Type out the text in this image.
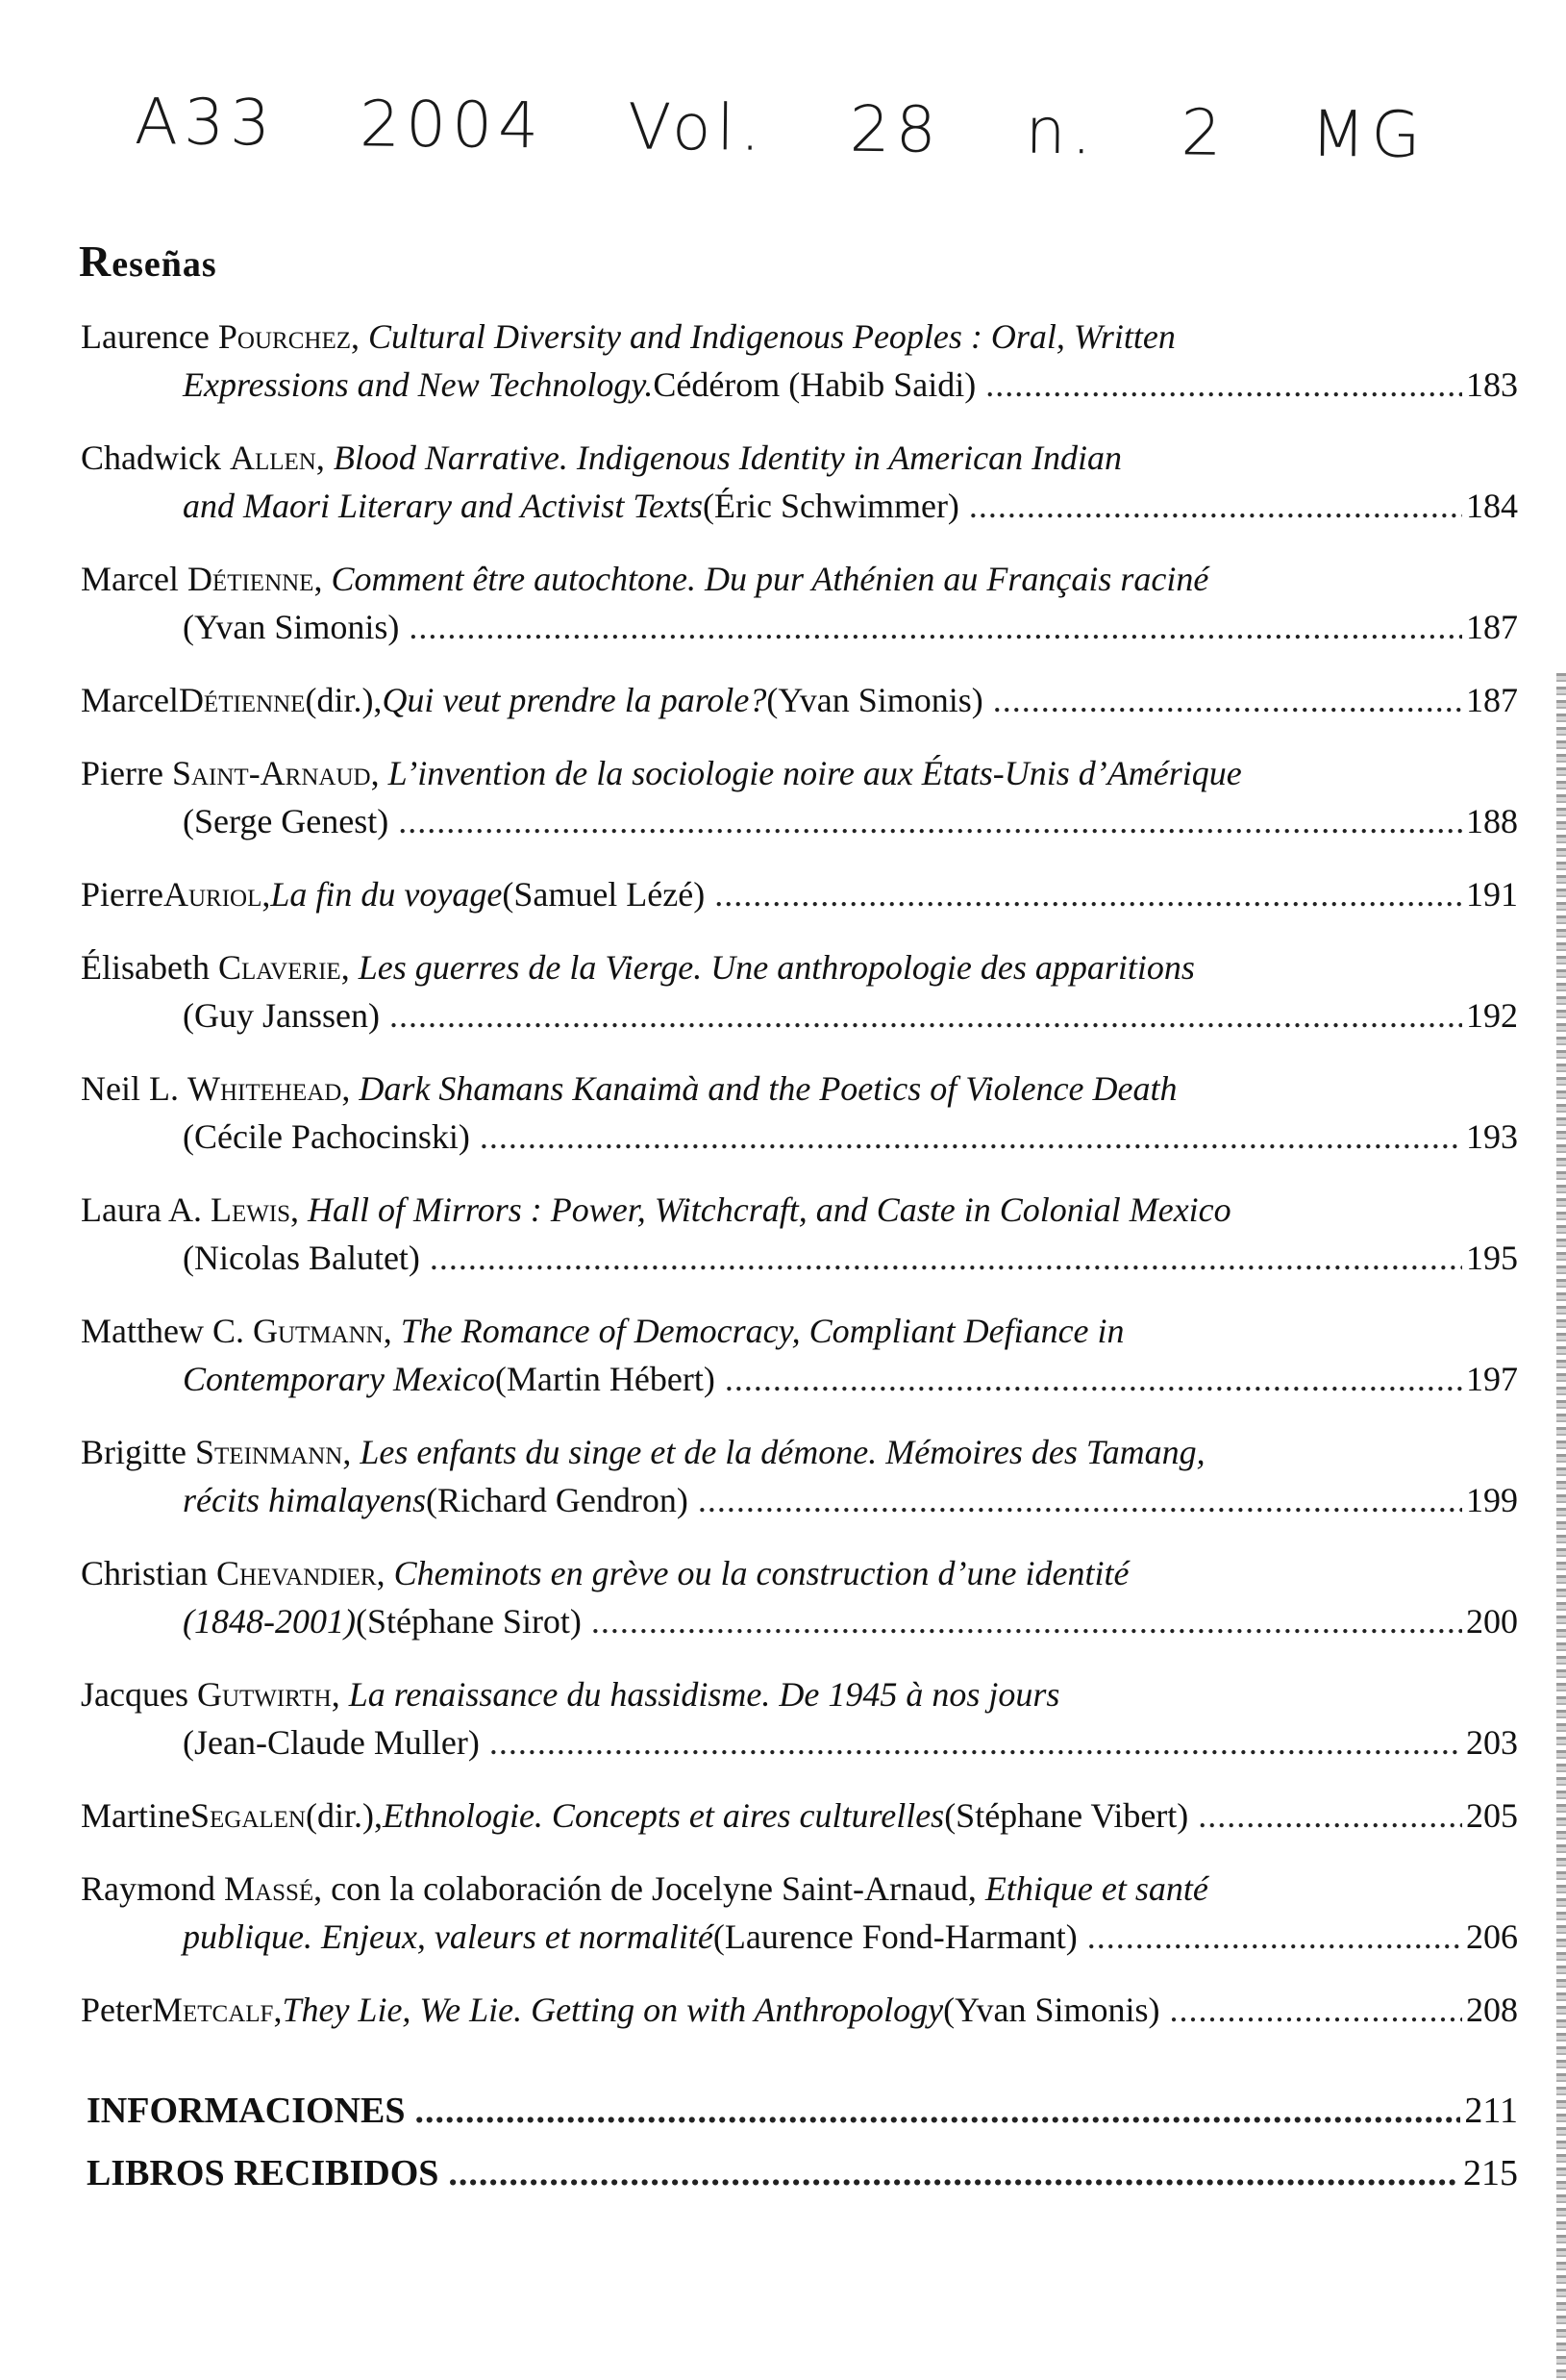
A33 2004 Vol. 28 n. 2 MG
Reseñas
Laurence Pourchez, Cultural Diversity and Indigenous Peoples : Oral, Written
Expressions and New Technology. Cédérom (Habib Saidi) .....	183
Chadwick Allen, Blood Narrative. Indigenous Identity in American Indian
and Maori Literary and Activist Texts (Éric Schwimmer) .....	184
Marcel Détienne, Comment être autochtone. Du pur Athénien au Français raciné
(Yvan Simonis) .....	187
Marcel Détienne (dir.), Qui veut prendre la parole? (Yvan Simonis) .....	187
Pierre Saint-Arnaud, L’invention de la sociologie noire aux États-Unis d’Amérique
(Serge Genest) .....	188
Pierre Auriol , La fin du voyage (Samuel Lézé) .....	191
Élisabeth Claverie, Les guerres de la Vierge. Une anthropologie des apparitions
(Guy Janssen) .....	192
Neil L. Whitehead, Dark Shamans Kanaimà and the Poetics of Violence Death
(Cécile Pachocinski) .....	193
Laura A. Lewis, Hall of Mirrors : Power, Witchcraft, and Caste in Colonial Mexico
(Nicolas Balutet) .....	195
Matthew C. Gutmann, The Romance of Democracy, Compliant Defiance in
Contemporary Mexico (Martin Hébert) .....	197
Brigitte Steinmann, Les enfants du singe et de la démone. Mémoires des Tamang,
récits himalayens (Richard Gendron) .....	199
Christian Chevandier, Cheminots en grève ou la construction d’une identité
(1848-2001) (Stéphane Sirot) .....	200
Jacques Gutwirth, La renaissance du hassidisme. De 1945 à nos jours
(Jean-Claude Muller) .....	203
Martine Segalen (dir.), Ethnologie. Concepts et aires culturelles (Stéphane Vibert) .....	205
Raymond Massé, con la colaboración de Jocelyne Saint-Arnaud, Ethique et santé
publique. Enjeux, valeurs et normalité (Laurence Fond-Harmant) .....	206
Peter Metcalf , They Lie, We Lie. Getting on with Anthropology (Yvan Simonis) .....	208
INFORMACIONES .....	211
LIBROS RECIBIDOS .....	215
